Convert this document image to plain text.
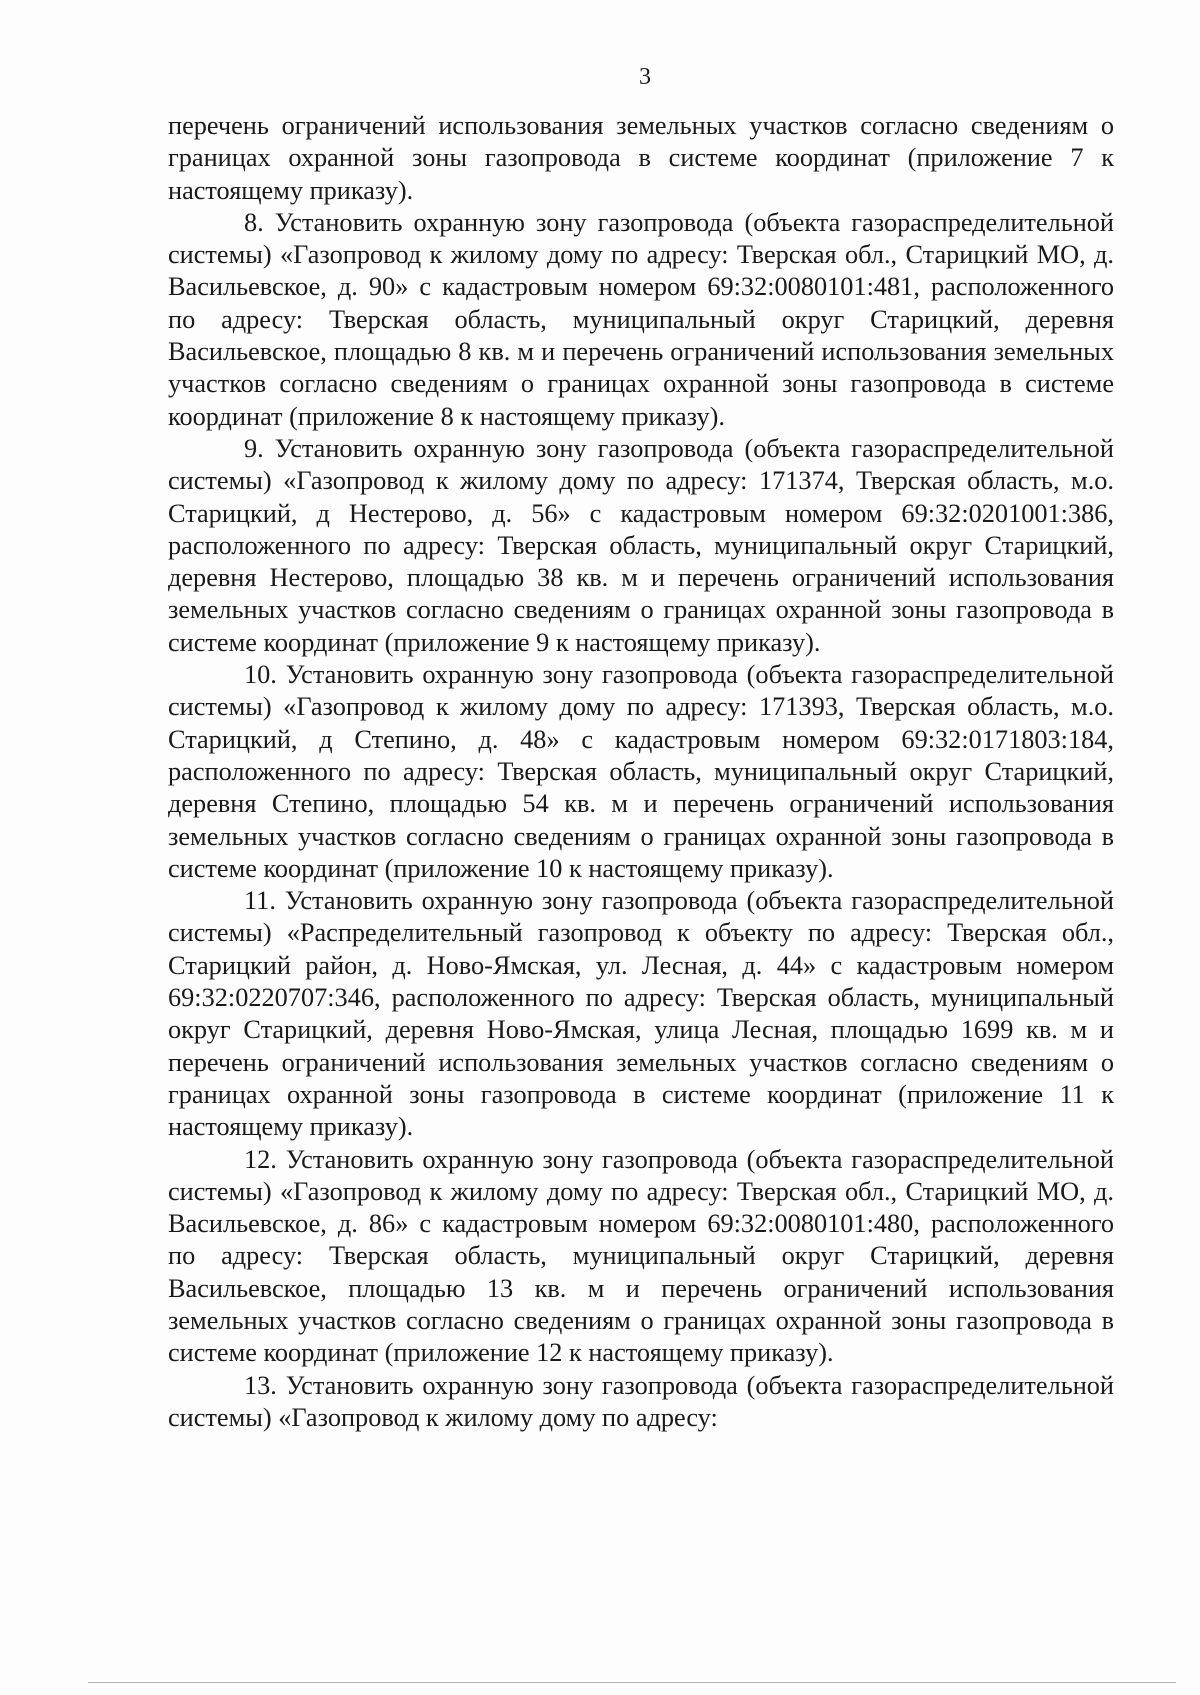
3

перечень ограничений использования земельных участков согласно сведениям о границах охранной зоны газопровода в системе координат (приложение 7 к настоящему приказу).

8. Установить охранную зону газопровода (объекта газораспределительной системы) «Газопровод к жилому дому по адресу: Тверская обл., Старицкий МО, д. Васильевское, д. 90» с кадастровым номером 69:32:0080101:481, расположенного по адресу: Тверская область, муниципальный округ Старицкий, деревня Васильевское, площадью 8 кв. м и перечень ограничений использования земельных участков согласно сведениям о границах охранной зоны газопровода в системе координат (приложение 8 к настоящему приказу).

9. Установить охранную зону газопровода (объекта газораспределительной системы) «Газопровод к жилому дому по адресу: 171374, Тверская область, м.о. Старицкий, д Нестерово, д. 56» с кадастровым номером 69:32:0201001:386, расположенного по адресу: Тверская область, муниципальный округ Старицкий, деревня Нестерово, площадью 38 кв. м и перечень ограничений использования земельных участков согласно сведениям о границах охранной зоны газопровода в системе координат (приложение 9 к настоящему приказу).

10. Установить охранную зону газопровода (объекта газораспределительной системы) «Газопровод к жилому дому по адресу: 171393, Тверская область, м.о. Старицкий, д Степино, д. 48» с кадастровым номером 69:32:0171803:184, расположенного по адресу: Тверская область, муниципальный округ Старицкий, деревня Степино, площадью 54 кв. м и перечень ограничений использования земельных участков согласно сведениям о границах охранной зоны газопровода в системе координат (приложение 10 к настоящему приказу).

11. Установить охранную зону газопровода (объекта газораспределительной системы) «Распределительный газопровод к объекту по адресу: Тверская обл., Старицкий район, д. Ново-Ямская, ул. Лесная, д. 44» с кадастровым номером 69:32:0220707:346, расположенного по адресу: Тверская область, муниципальный округ Старицкий, деревня Ново-Ямская, улица Лесная, площадью 1699 кв. м и перечень ограничений использования земельных участков согласно сведениям о границах охранной зоны газопровода в системе координат (приложение 11 к настоящему приказу).

12. Установить охранную зону газопровода (объекта газораспределительной системы) «Газопровод к жилому дому по адресу: Тверская обл., Старицкий МО, д. Васильевское, д. 86» с кадастровым номером 69:32:0080101:480, расположенного по адресу: Тверская область, муниципальный округ Старицкий, деревня Васильевское, площадью 13 кв. м и перечень ограничений использования земельных участков согласно сведениям о границах охранной зоны газопровода в системе координат (приложение 12 к настоящему приказу).

13. Установить охранную зону газопровода (объекта газораспределительной системы) «Газопровод к жилому дому по адресу:
